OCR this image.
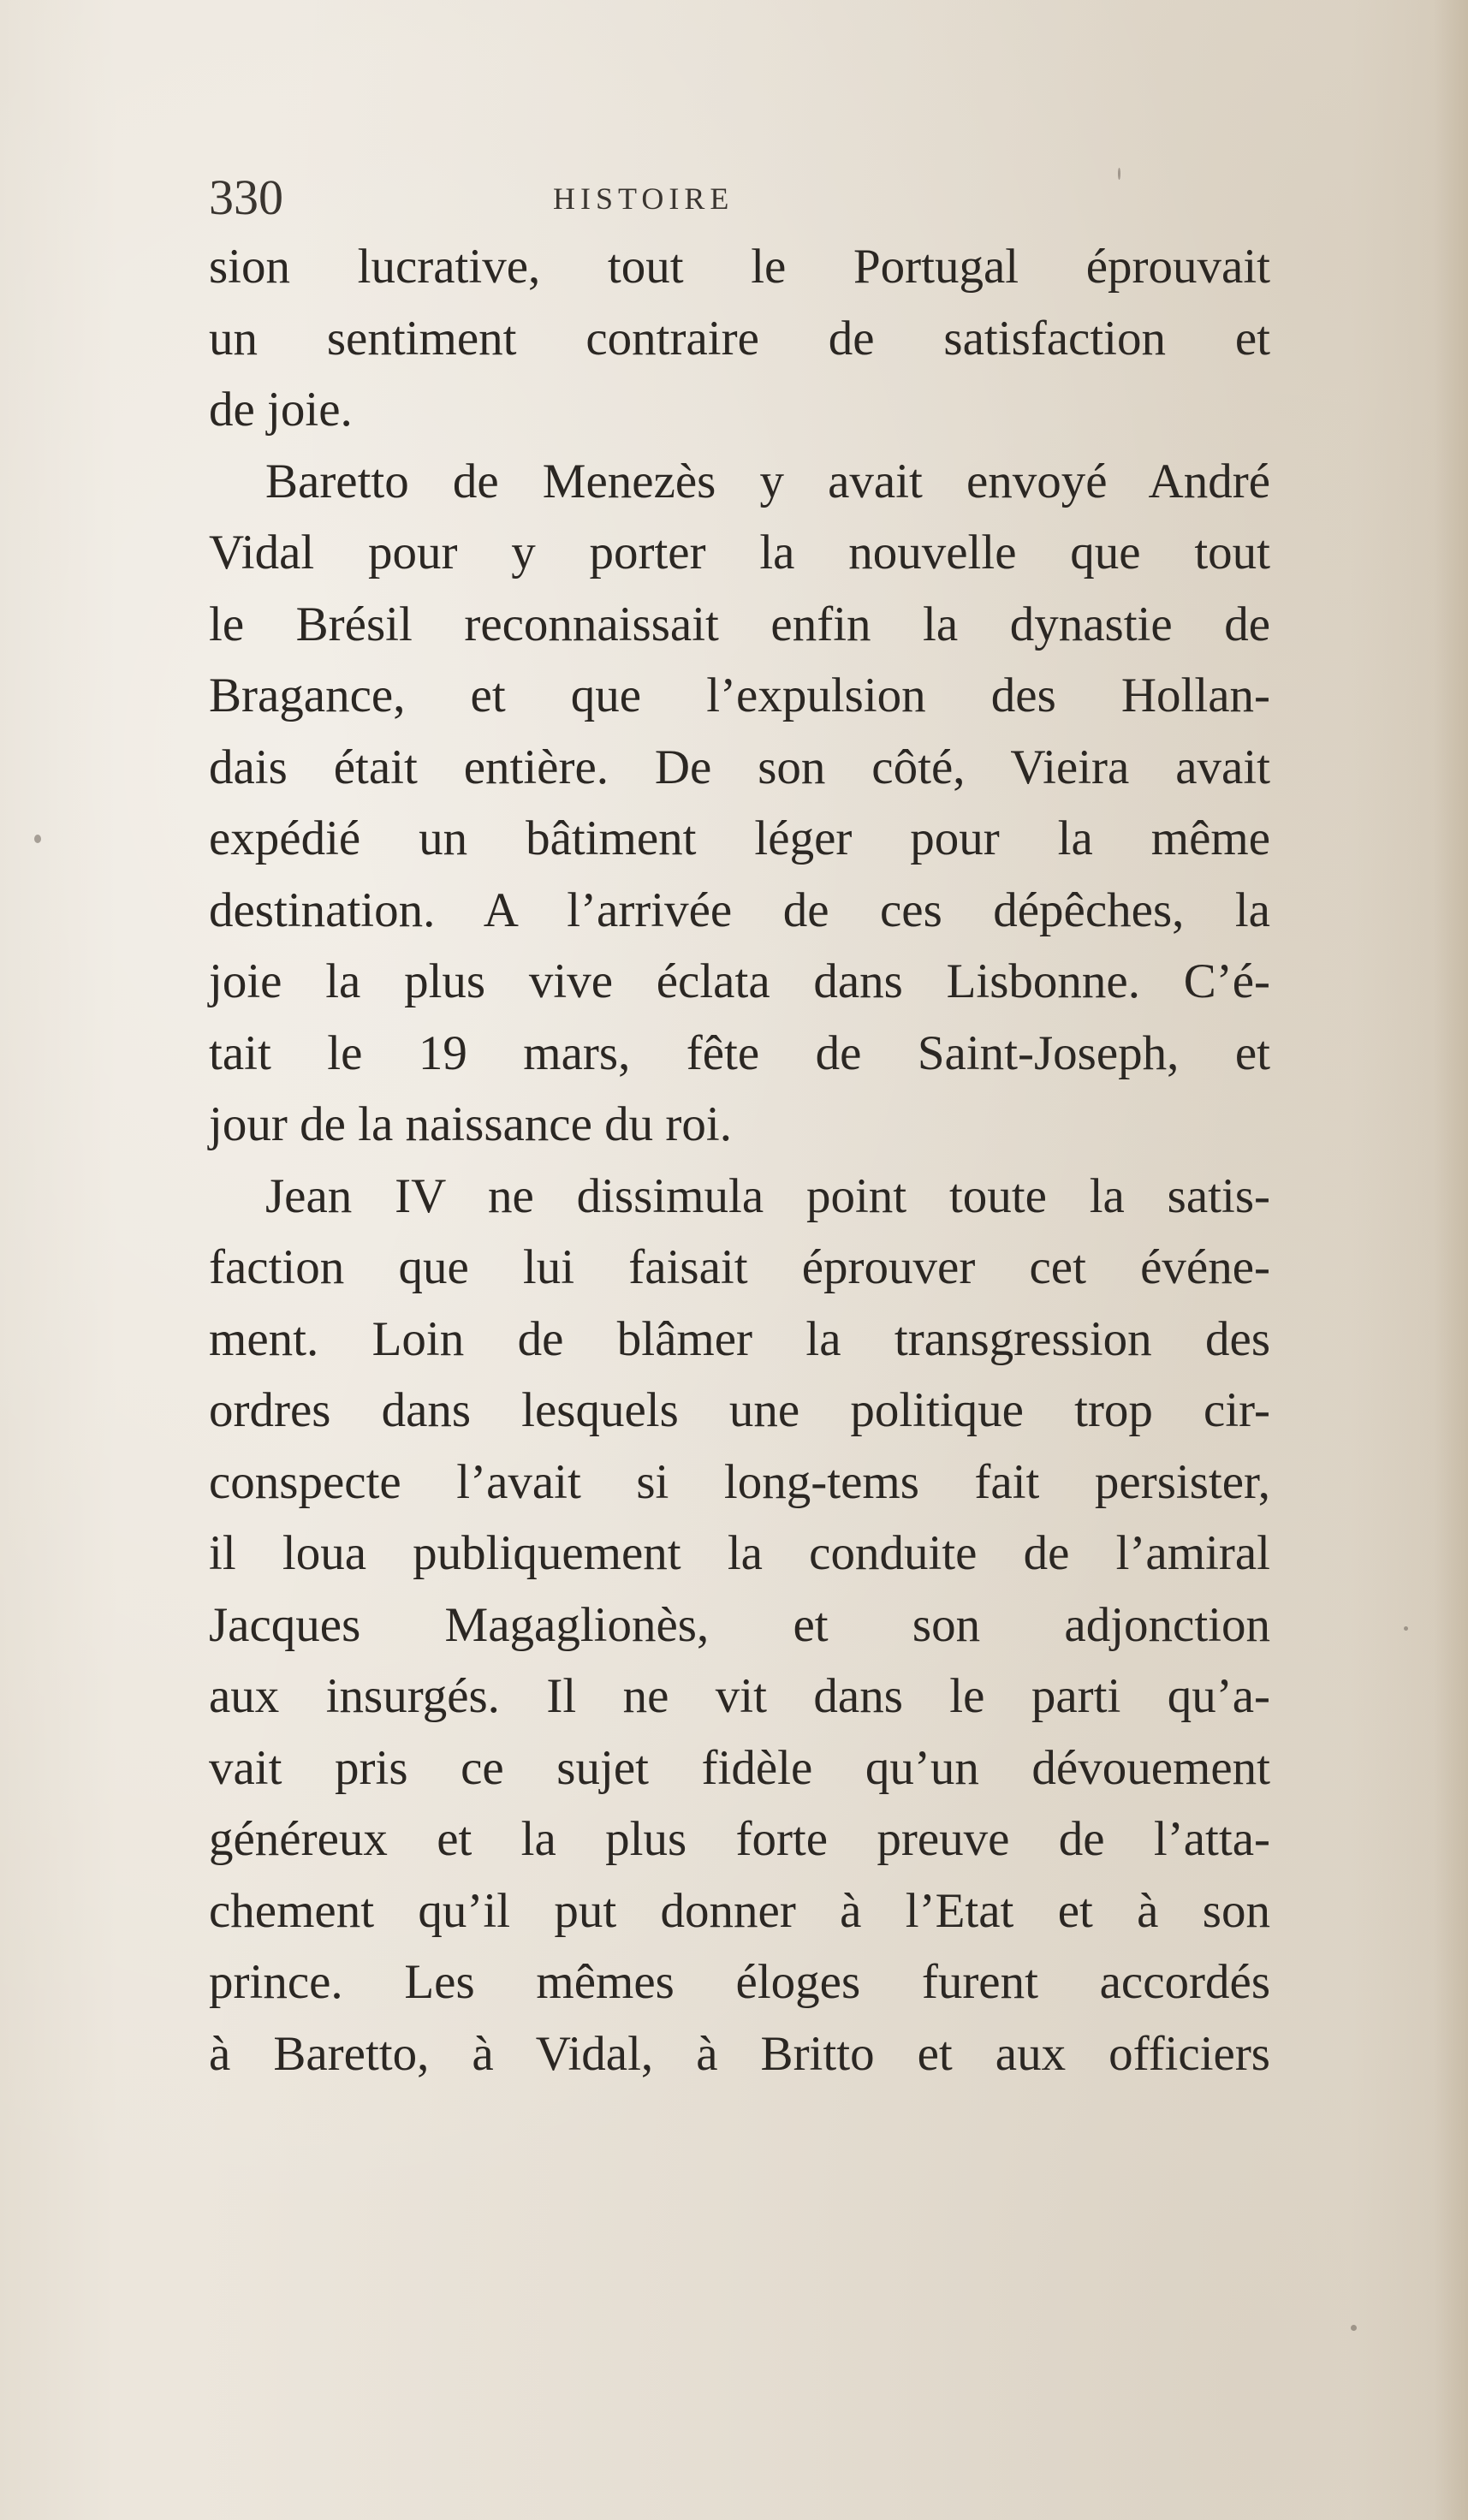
330	HISTOIRE
sion lucrative, tout le Portugal éprouvait
un sentiment contraire de satisfaction et
de joie.
Baretto de Menezès y avait envoyé André
Vidal pour y porter la nouvelle que tout
le Brésil reconnaissait enfin la dynastie de
Bragance, et que l’expulsion des Hollan-
dais était entière. De son côté, Vieira avait
expédié un bâtiment léger pour la même
destination. A l’arrivée de ces dépêches, la
joie la plus vive éclata dans Lisbonne. C’é-
tait le 19 mars, fête de Saint-Joseph, et
jour de la naissance du roi.
Jean IV ne dissimula point toute la satis-
faction que lui faisait éprouver cet événe-
ment. Loin de blâmer la transgression des
ordres dans lesquels une politique trop cir-
conspecte l’avait si long-tems fait persister,
il loua publiquement la conduite de l’amiral
Jacques Magaglionès, et son adjonction
aux insurgés. Il ne vit dans le parti qu’a-
vait pris ce sujet fidèle qu’un dévouement
généreux et la plus forte preuve de l’atta-
chement qu’il put donner à l’Etat et à son
prince. Les mêmes éloges furent accordés
à Baretto, à Vidal, à Britto et aux officiers
